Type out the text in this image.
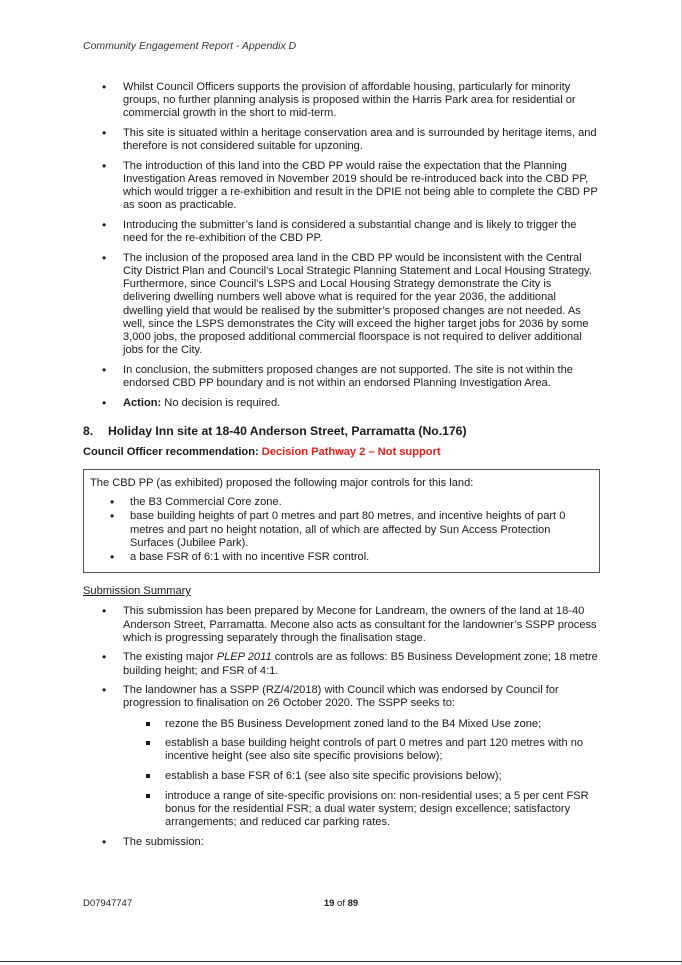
Community Engagement Report - Appendix D
• Whilst Council Officers supports the provision of affordable housing, particularly for minority groups, no further planning analysis is proposed within the Harris Park area for residential or commercial growth in the short to mid-term.
• This site is situated within a heritage conservation area and is surrounded by heritage items, and therefore is not considered suitable for upzoning.
• The introduction of this land into the CBD PP would raise the expectation that the Planning Investigation Areas removed in November 2019 should be re-introduced back into the CBD PP, which would trigger a re-exhibition and result in the DPIE not being able to complete the CBD PP as soon as practicable.
• Introducing the submitter’s land is considered a substantial change and is likely to trigger the need for the re-exhibition of the CBD PP.
• The inclusion of the proposed area land in the CBD PP would be inconsistent with the Central City District Plan and Council’s Local Strategic Planning Statement and Local Housing Strategy. Furthermore, since Council’s LSPS and Local Housing Strategy demonstrate the City is delivering dwelling numbers well above what is required for the year 2036, the additional dwelling yield that would be realised by the submitter’s proposed changes are not needed. As well, since the LSPS demonstrates the City will exceed the higher target jobs for 2036 by some 3,000 jobs, the proposed additional commercial floorspace is not required to deliver additional jobs for the City.
• In conclusion, the submitters proposed changes are not supported. The site is not within the endorsed CBD PP boundary and is not within an endorsed Planning Investigation Area.
• Action: No decision is required.
8. Holiday Inn site at 18-40 Anderson Street, Parramatta (No.176)
Council Officer recommendation: Decision Pathway 2 – Not support
The CBD PP (as exhibited) proposed the following major controls for this land:
• the B3 Commercial Core zone.
• base building heights of part 0 metres and part 80 metres, and incentive heights of part 0 metres and part no height notation, all of which are affected by Sun Access Protection Surfaces (Jubilee Park).
• a base FSR of 6:1 with no incentive FSR control.
Submission Summary
• This submission has been prepared by Mecone for Landream, the owners of the land at 18-40 Anderson Street, Parramatta. Mecone also acts as consultant for the landowner’s SSPP process which is progressing separately through the finalisation stage.
• The existing major PLEP 2011 controls are as follows: B5 Business Development zone; 18 metre building height; and FSR of 4:1.
• The landowner has a SSPP (RZ/4/2018) with Council which was endorsed by Council for progression to finalisation on 26 October 2020. The SSPP seeks to:
rezone the B5 Business Development zoned land to the B4 Mixed Use zone;
establish a base building height controls of part 0 metres and part 120 metres with no incentive height (see also site specific provisions below);
establish a base FSR of 6:1 (see also site specific provisions below);
introduce a range of site-specific provisions on: non-residential uses; a 5 per cent FSR bonus for the residential FSR; a dual water system; design excellence; satisfactory arrangements; and reduced car parking rates.
• The submission:
D07947747	19 of 89
